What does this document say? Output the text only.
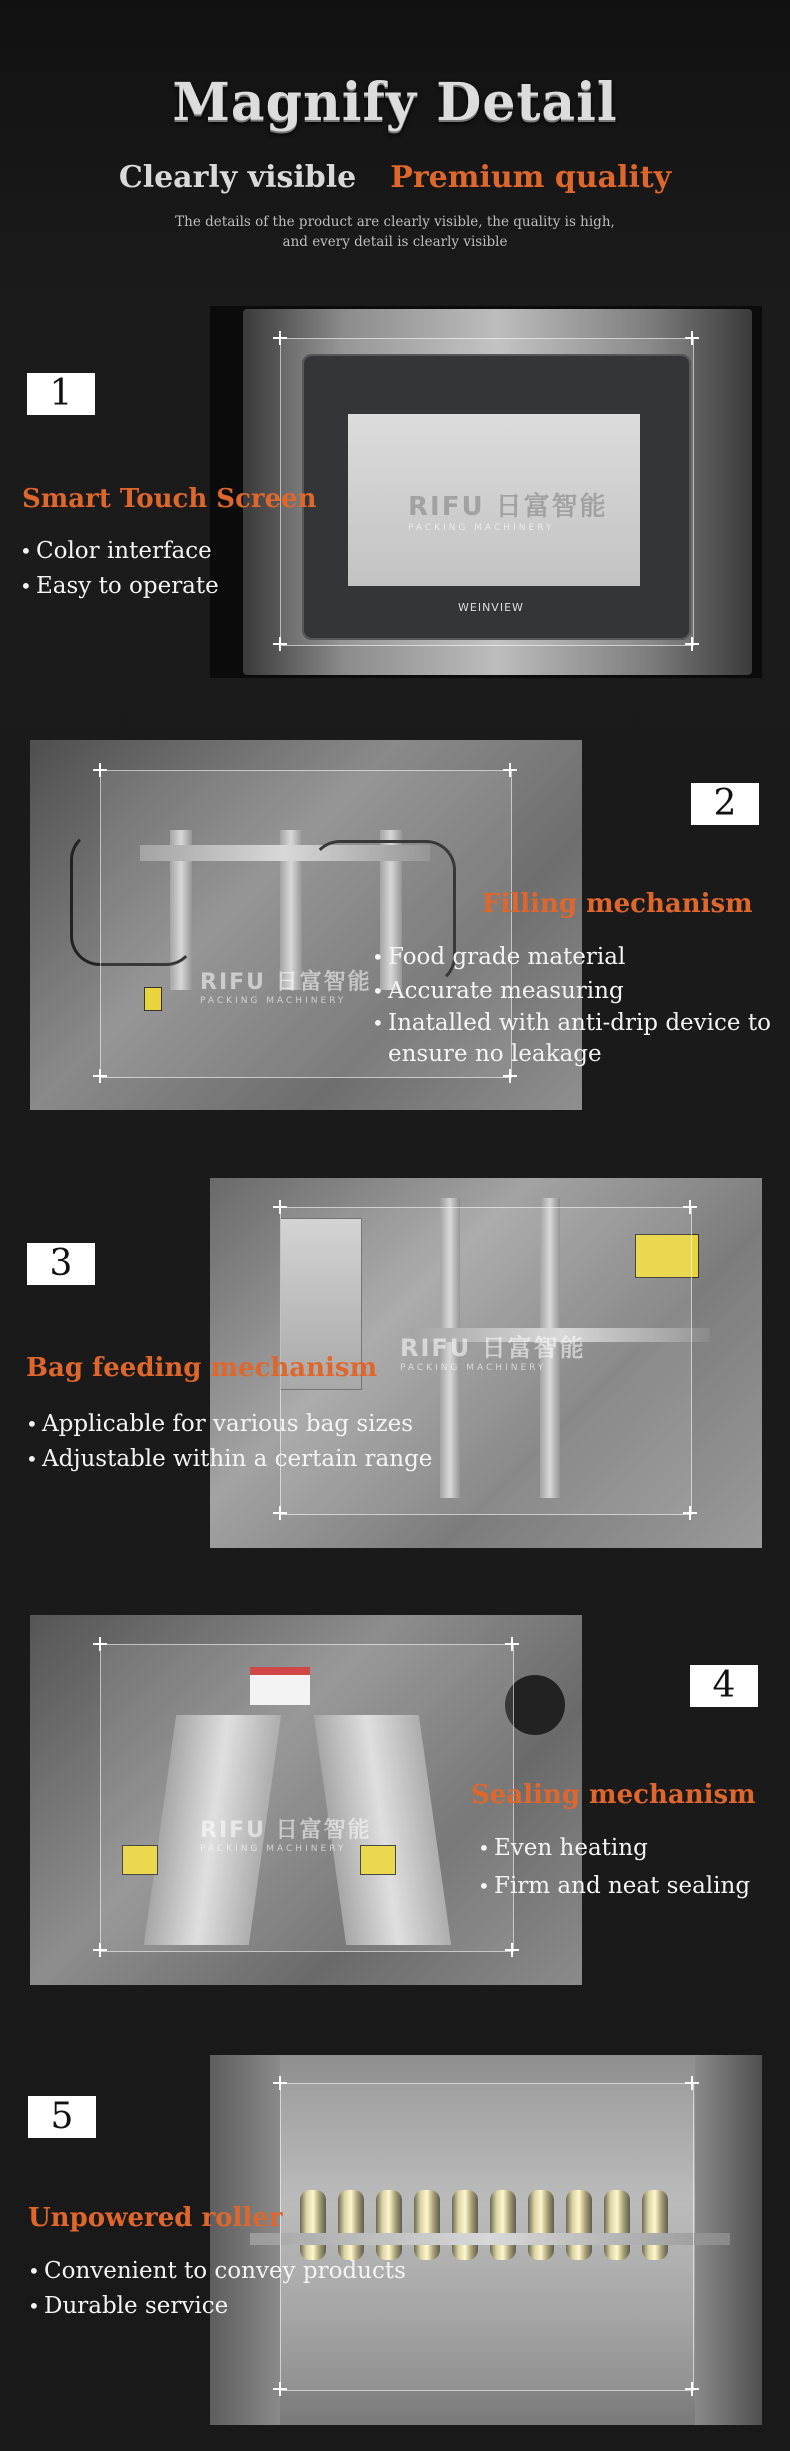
Magnify Detail
Clearly visible Premium quality
The details of the product are clearly visible, the quality is high,
and every detail is clearly visible
RIFU 日富智能
PACKING MACHINERY
WEINVIEW
1
Smart Touch Screen
• Color interface
• Easy to operate
RIFU 日富智能
PACKING MACHINERY
2
Filling mechanism
• Food grade material
• Accurate measuring
• Inatalled with anti-drip device to ensure no leakage
RIFU 日富智能
PACKING MACHINERY
3
Bag feeding mechanism
• Applicable for various bag sizes
• Adjustable within a certain range
RIFU 日富智能
PACKING MACHINERY
4
Sealing mechanism
• Even heating
• Firm and neat sealing
5
Unpowered roller
• Convenient to convey products
• Durable service
